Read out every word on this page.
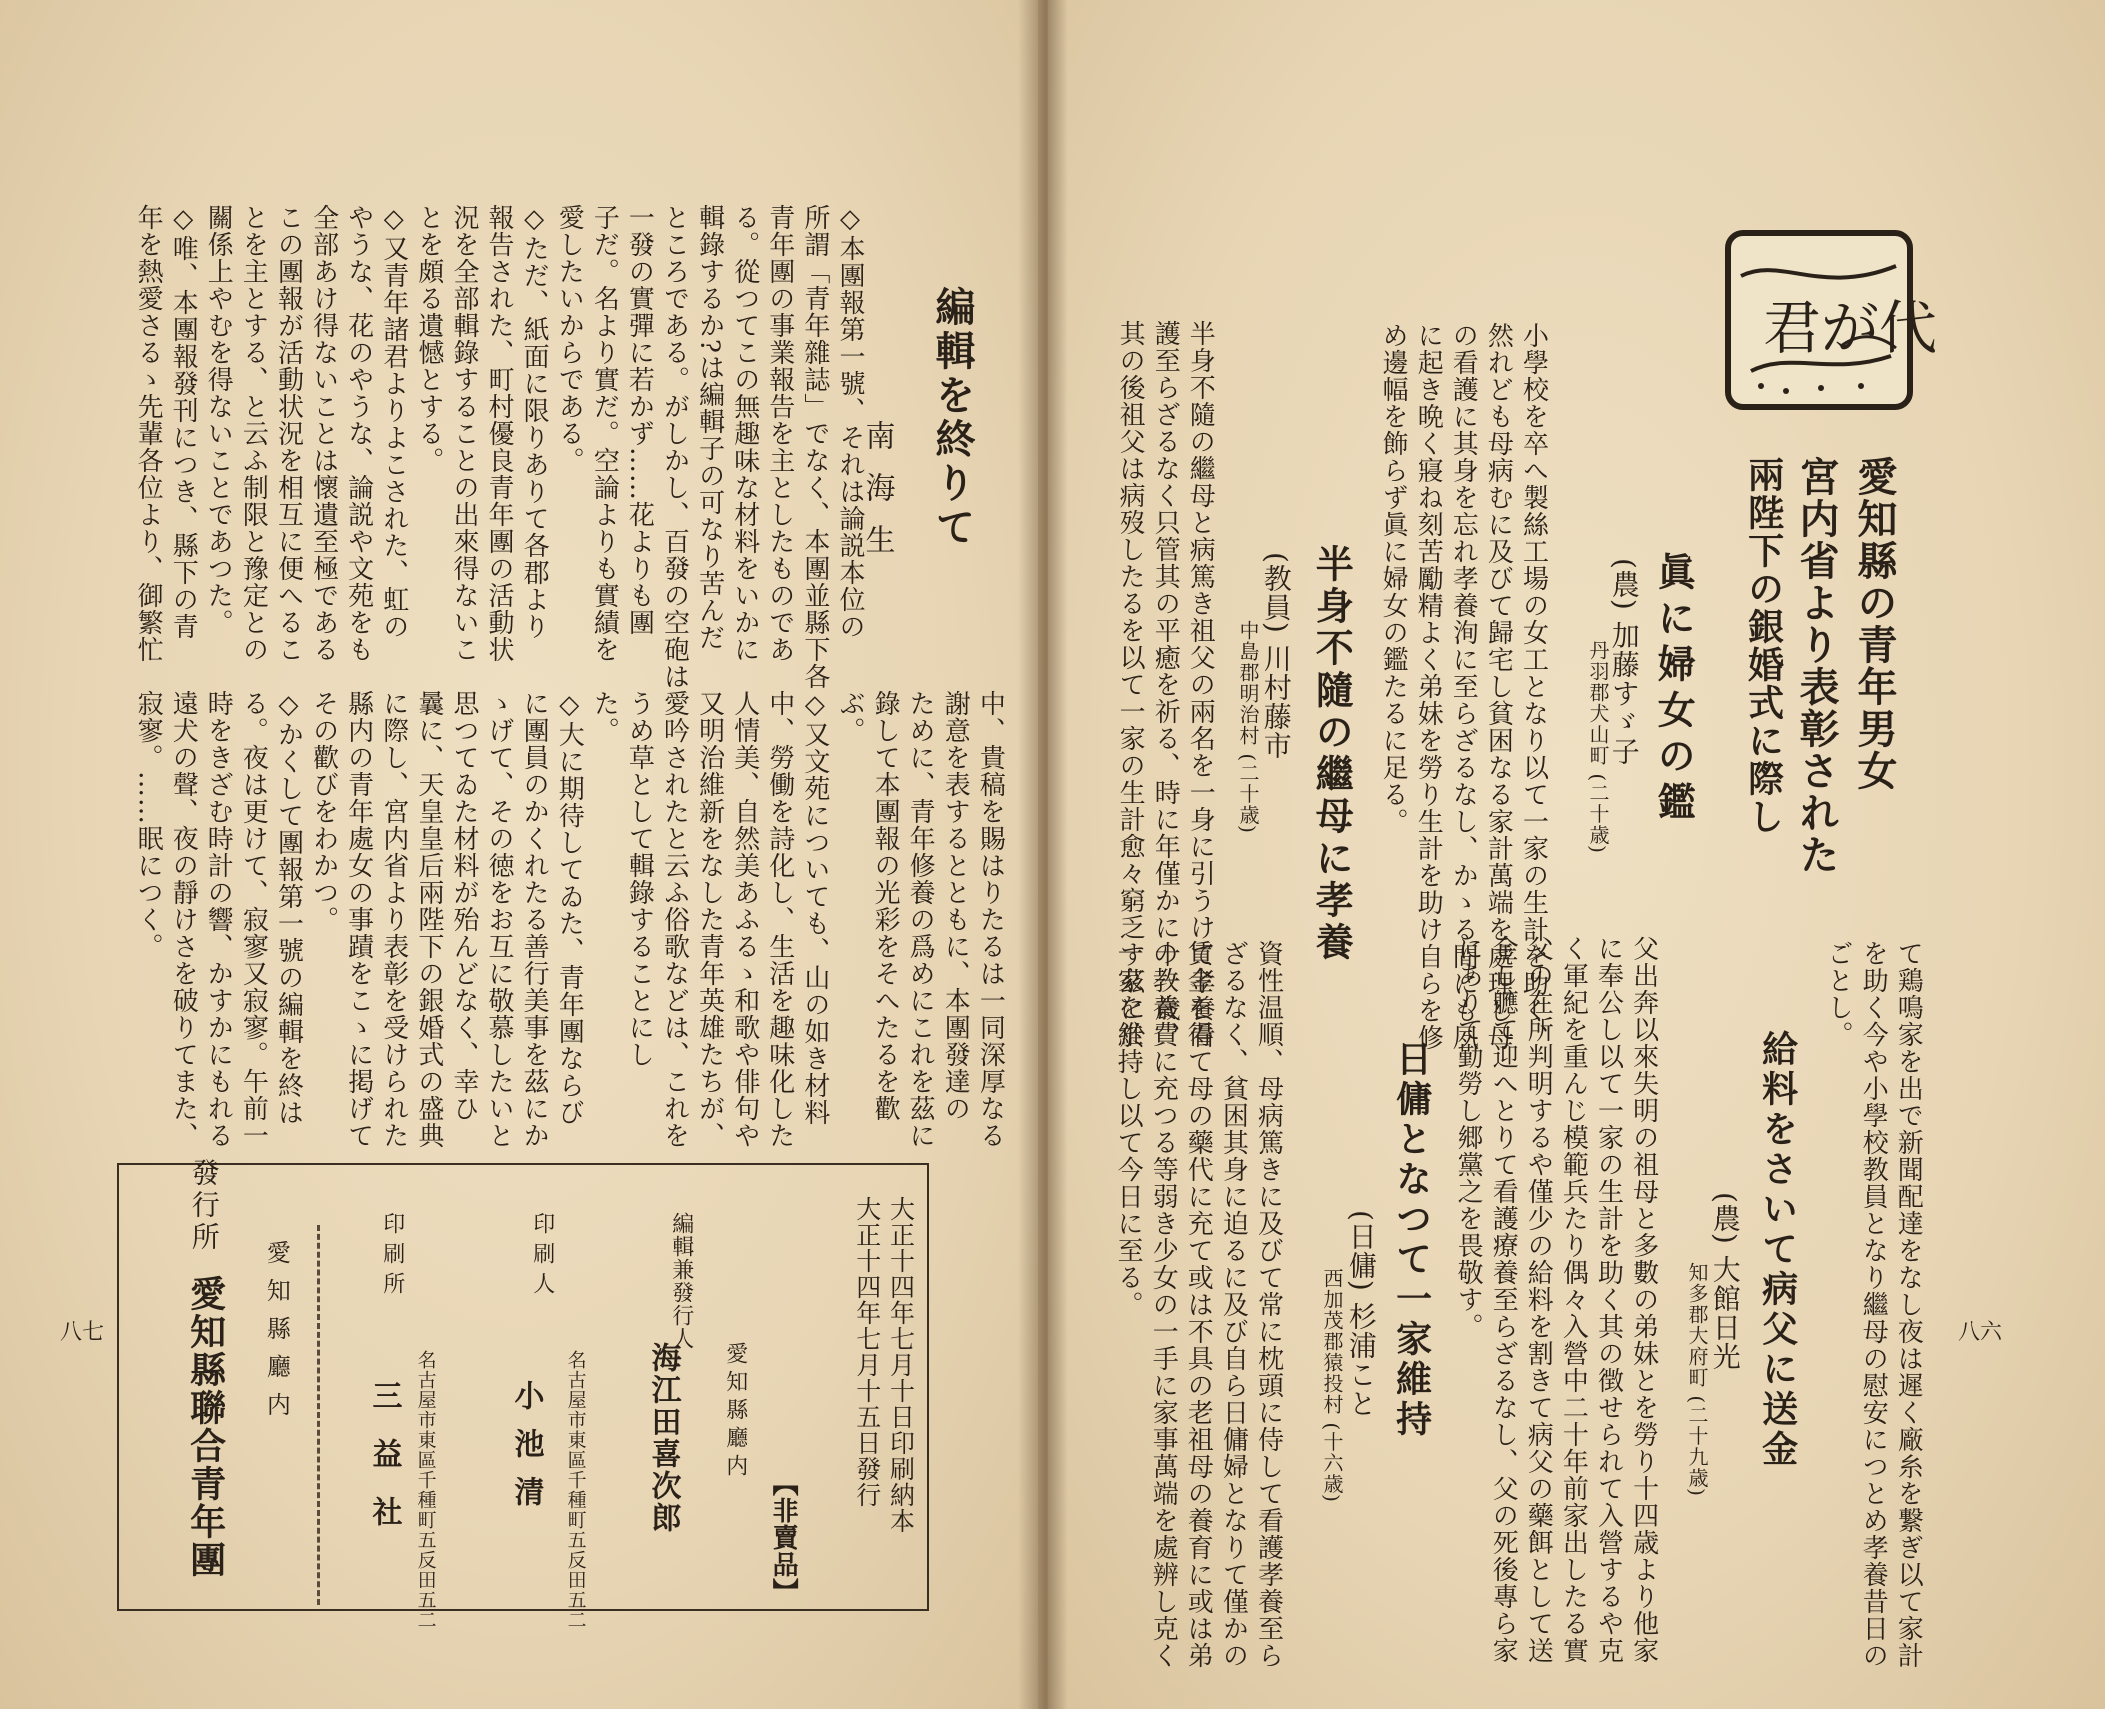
君が代
愛知縣の青年男女
宮内省より表彰された
兩陛下の銀婚式に際し
眞に婦女の鑑
(農) 加藤すゞ子
丹羽郡犬山町 (二十歳)
小學校を卒へ製絲工場の女工となり以て一家の生計を助く、
然れども母病むに及びて歸宅し貧困なる家計萬端を處理し母
の看護に其身を忘れ孝養洵に至らざるなし、かゝる間にも夙
に起き晩く寢ね刻苦勵精よく弟妹を勞り生計を助け自らを修
め邊幅を飾らず眞に婦女の鑑たるに足る。
半身不隨の繼母に孝養
(教員) 川村藤市
中島郡明治村 (二十歳)
半身不隨の繼母と病篤き祖父の兩名を一身に引うけて孝養看
護至らざるなく只管其の平癒を祈る、時に年僅かに十一歳、
其の後祖父は病歿したるを以て一家の生計愈々窮乏す茲に於
て鶏鳴家を出で新聞配達をなし夜は遲く廠糸を繋ぎ以て家計
を助く今や小學校教員となり繼母の慰安につとめ孝養昔日の
ごとし。
給料をさいて病父に送金
(農) 大館日光
知多郡大府町 (二十九歳)
父出奔以來失明の祖母と多數の弟妹とを勞り十四歳より他家
に奉公し以て一家の生計を助く其の徴せられて入營するや克
く軍紀を重んじ模範兵たり偶々入營中二十年前家出したる實
父の在所判明するや僅少の給料を割きて病父の藥餌として送
金し軈て迎へとりて看護療養至らざるなし、父の死後專ら家
にありて勤勞し郷黨之を畏敬す。
日傭となつて一家維持
(日傭) 杉浦こと
西加茂郡猿投村 (十六歳)
資性温順、母病篤きに及びて常に枕頭に侍して看護孝養至ら
ざるなく、貧困其身に迫るに及び自ら日傭婦となりて僅かの
賃金を得て母の藥代に充て或は不具の老祖母の養育に或は弟
の教養費に充つる等弱き少女の一手に家事萬端を處辨し克く
一家を維持し以て今日に至る。
八六
編輯を終りて
南海生
◇本團報第一號、それは論説本位の
所謂「青年雜誌」でなく、本團並縣下各
青年團の事業報告を主としたものであ
る。從つてこの無趣味な材料をいかに
輯錄するか?は編輯子の可なり苦んだ
ところである。がしかし、百發の空砲は
一發の實彈に若かず……花よりも團
子だ。名より實だ。空論よりも實績を
愛したいからである。
◇ただ、紙面に限りありて各郡より
報告された、町村優良青年團の活動状
況を全部輯錄することの出來得ないこ
とを頗る遺憾とする。
◇又青年諸君よりよこされた、虹の
やうな、花のやうな、論説や文苑をも
全部あけ得ないことは懷遺至極である
この團報が活動状況を相互に便へるこ
とを主とする、と云ふ制限と豫定との
關係上やむを得ないことであつた。
◇唯、本團報發刊につき、縣下の青
年を熱愛さるゝ先輩各位より、御繁忙
中、貴稿を賜はりたるは一同深厚なる
謝意を表するとともに、本團發達の
ために、青年修養の爲めにこれを茲に
錄して本團報の光彩をそへたるを歡
ぶ。
◇又文苑についても、山の如き材料
中、勞働を詩化し、生活を趣味化した
人情美、自然美あふるゝ和歌や俳句や
又明治維新をなした青年英雄たちが、
愛吟されたと云ふ俗歌などは、これを
うめ草として輯錄することにし
た。
◇大に期待してゐた、青年團ならび
に團員のかくれたる善行美事を茲にか
ゝげて、その徳をお互に敬慕したいと
思つてゐた材料が殆んどなく、幸ひ
曩に、天皇皇后兩陛下の銀婚式の盛典
に際し、宮内省より表彰を受けられた
縣内の青年處女の事蹟をこゝに掲げて
その歡びをわかつ。
◇かくして團報第一號の編輯を終は
る。夜は更けて、寂寥又寂寥。午前一
時をきざむ時計の響、かすかにもれる
遠犬の聲、夜の靜けさを破りてまた、
寂寥。……眠につく。
大正十四年七月十日印刷納本
大正十四年七月十五日發行
【非賣品】
編輯兼發行人
愛知縣廳内
海江田喜次郎
印刷人
名古屋市東區千種町五反田五二
小池清
印刷所
名古屋市東區千種町五反田五二
三益社
愛知縣廳内
發行所
愛知縣聯合青年團
八七
